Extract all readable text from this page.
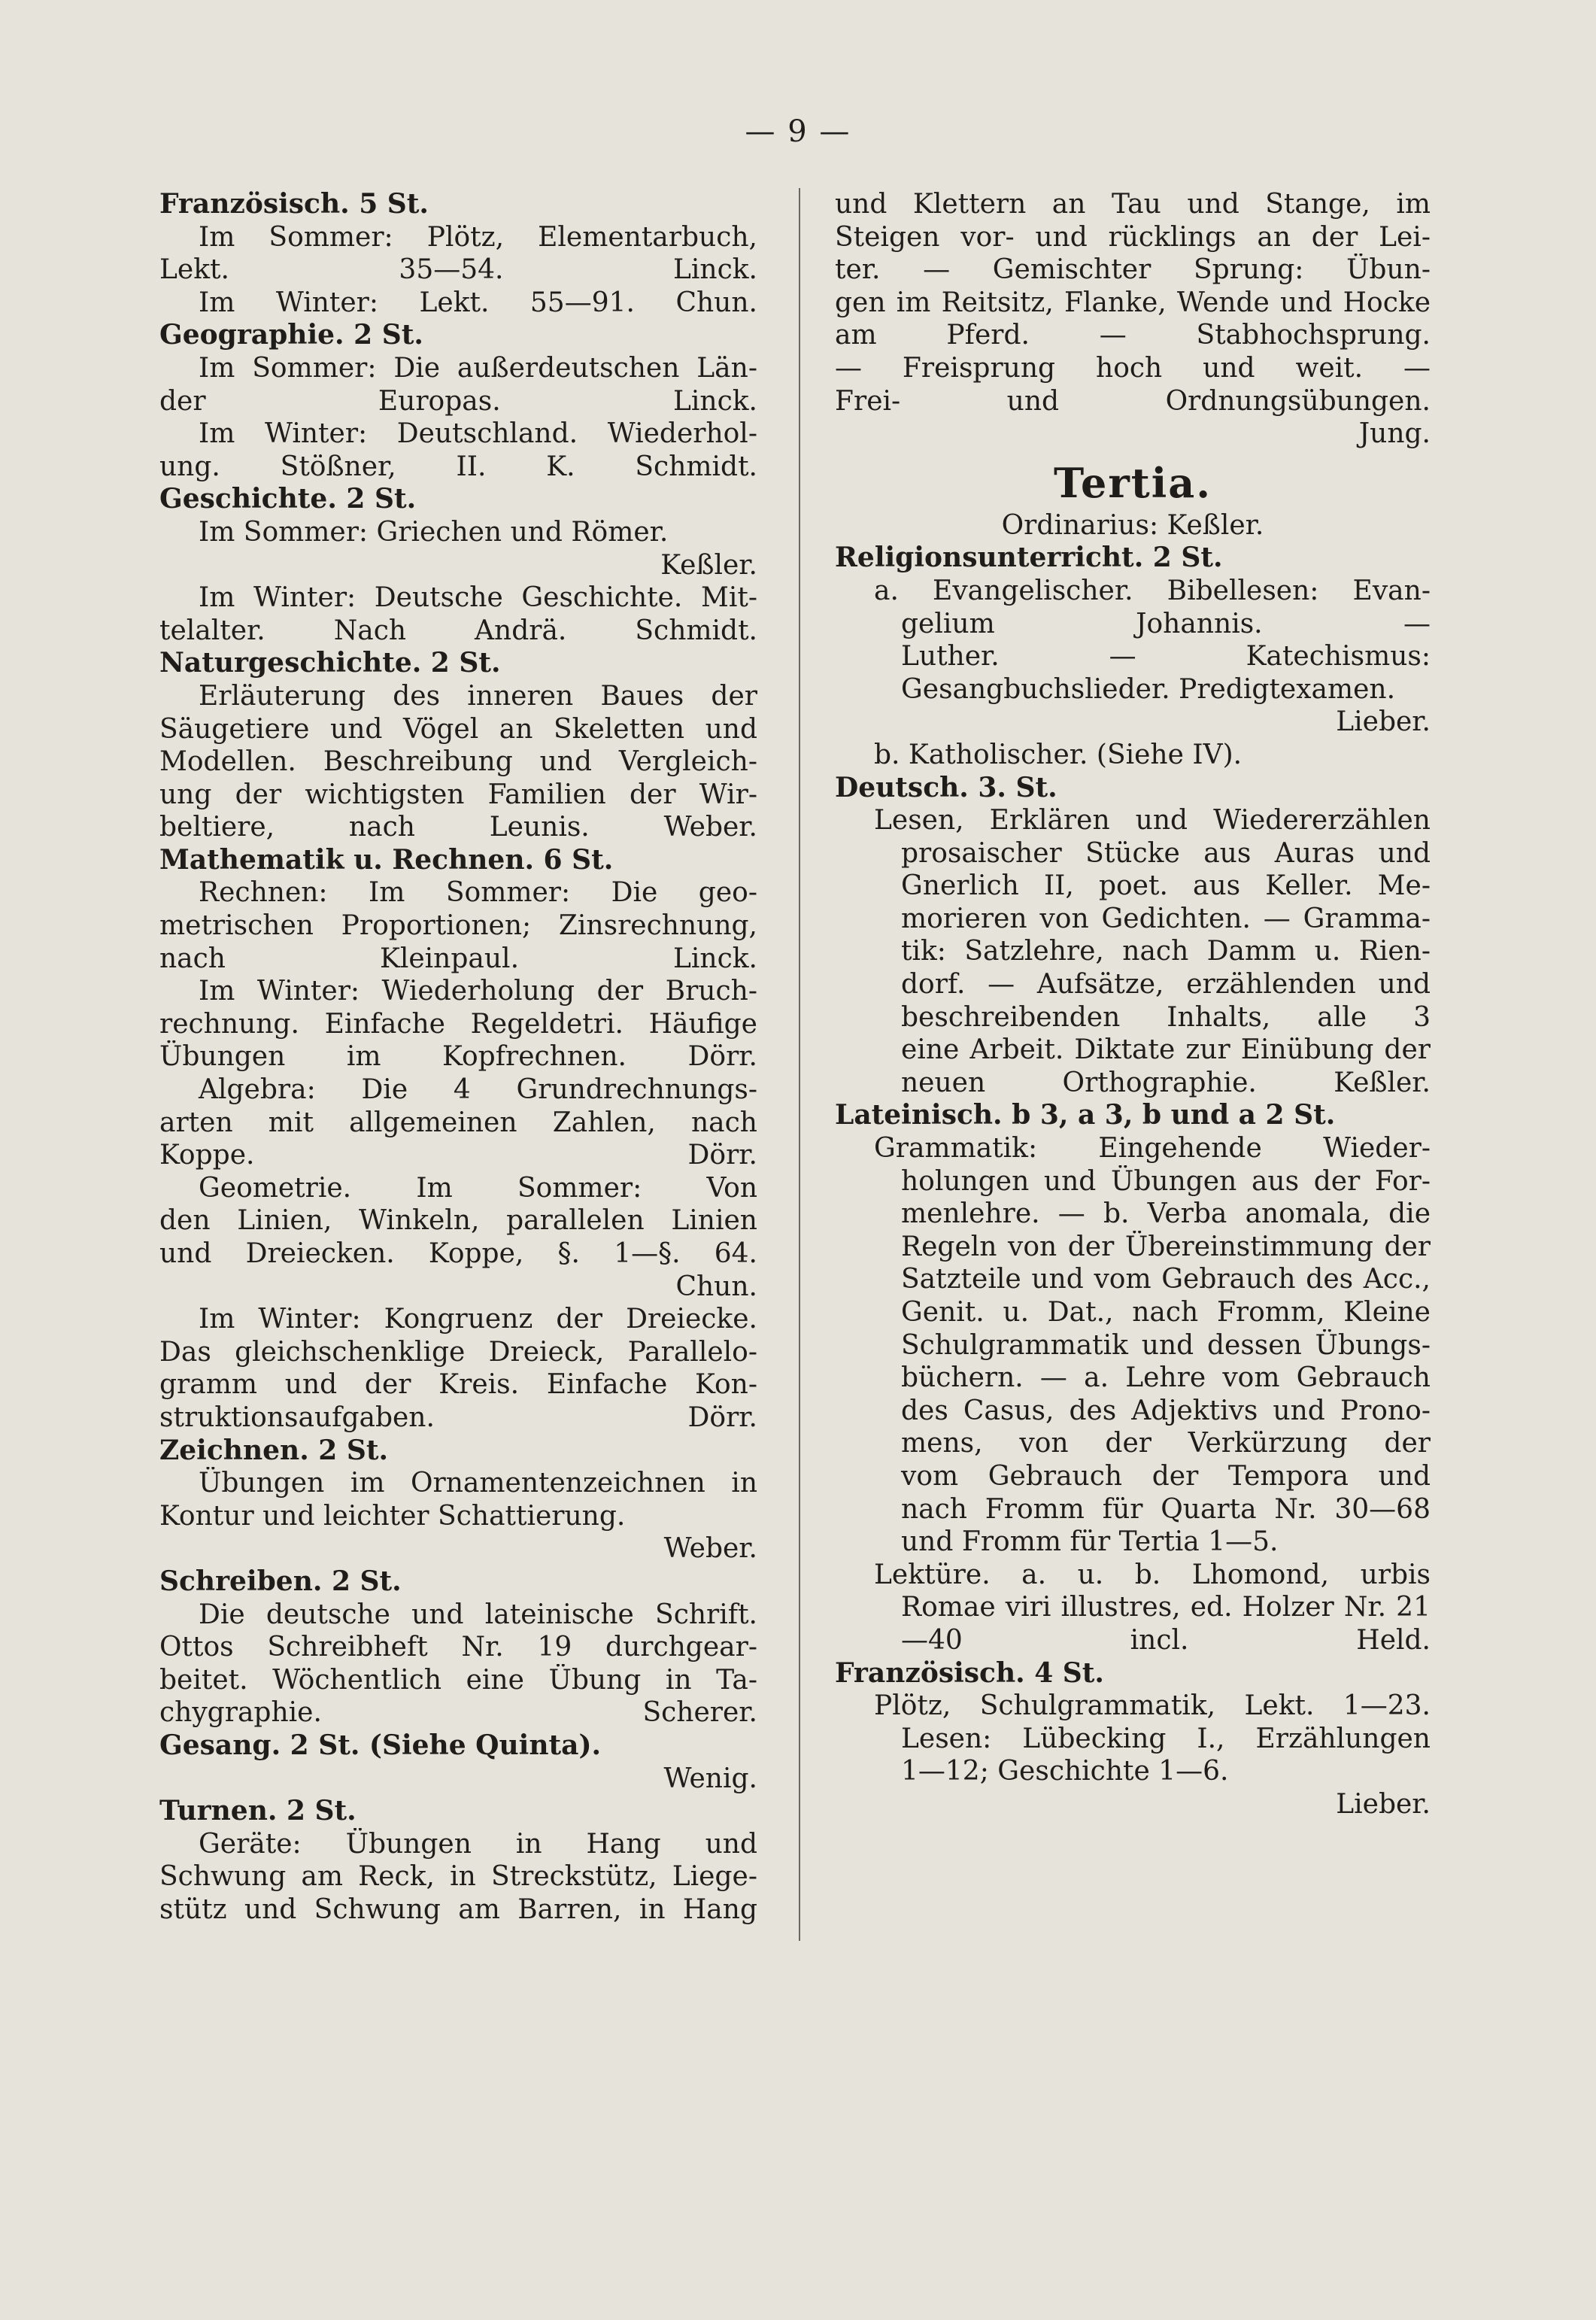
— 9 —
Französisch. 5 St.
Im Sommer: Plötz, Elementarbuch,
Lekt. 35—54. Linck.
Im Winter: Lekt. 55—91. Chun.
Geographie. 2 St.
Im Sommer: Die außerdeutschen Län-
der Europas. Linck.
Im Winter: Deutschland. Wiederhol-
ung. Stößner, II. K. Schmidt.
Geschichte. 2 St.
Im Sommer: Griechen und Römer.
Keßler.
Im Winter: Deutsche Geschichte. Mit-
telalter. Nach Andrä. Schmidt.
Naturgeschichte. 2 St.
Erläuterung des inneren Baues der
Säugetiere und Vögel an Skeletten und
Modellen. Beschreibung und Vergleich-
ung der wichtigsten Familien der Wir-
beltiere, nach Leunis. Weber.
Mathematik u. Rechnen. 6 St.
Rechnen: Im Sommer: Die geo-
metrischen Proportionen; Zinsrechnung,
nach Kleinpaul. Linck.
Im Winter: Wiederholung der Bruch-
rechnung. Einfache Regeldetri. Häufige
Übungen im Kopfrechnen. Dörr.
Algebra: Die 4 Grundrechnungs-
arten mit allgemeinen Zahlen, nach
Koppe. Dörr.
Geometrie. Im Sommer: Von
den Linien, Winkeln, parallelen Linien
und Dreiecken. Koppe, §. 1—§. 64.
Chun.
Im Winter: Kongruenz der Dreiecke.
Das gleichschenklige Dreieck, Parallelo-
gramm und der Kreis. Einfache Kon-
struktionsaufgaben. Dörr.
Zeichnen. 2 St.
Übungen im Ornamentenzeichnen in
Kontur und leichter Schattierung.
Weber.
Schreiben. 2 St.
Die deutsche und lateinische Schrift.
Ottos Schreibheft Nr. 19 durchgear-
beitet. Wöchentlich eine Übung in Ta-
chygraphie. Scherer.
Gesang. 2 St. (Siehe Quinta).
Wenig.
Turnen. 2 St.
Geräte: Übungen in Hang und
Schwung am Reck, in Streckstütz, Liege-
stütz und Schwung am Barren, in Hang
und Klettern an Tau und Stange, im
Steigen vor- und rücklings an der Lei-
ter. — Gemischter Sprung: Übun-
gen im Reitsitz, Flanke, Wende und Hocke
am Pferd. — Stabhochsprung.
— Freisprung hoch und weit. —
Frei- und Ordnungsübungen.
Jung.
Tertia.
Ordinarius: Keßler.
Religionsunterricht. 2 St.
a. Evangelischer. Bibellesen: Evan-
gelium Johannis. —
Luther. — Katechismus:
Gesangbuchslieder. Predigtexamen.
Lieber.
b. Katholischer. (Siehe IV).
Deutsch. 3. St.
Lesen, Erklären und Wiedererzählen
prosaischer Stücke aus Auras und
Gnerlich II, poet. aus Keller. Me-
morieren von Gedichten. — Gramma-
tik: Satzlehre, nach Damm u. Rien-
dorf. — Aufsätze, erzählenden und
beschreibenden Inhalts, alle 3
eine Arbeit. Diktate zur Einübung der
neuen Orthographie. Keßler.
Lateinisch. b 3, a 3, b und a 2 St.
Grammatik: Eingehende Wieder-
holungen und Übungen aus der For-
menlehre. — b. Verba anomala, die
Regeln von der Übereinstimmung der
Satzteile und vom Gebrauch des Acc.,
Genit. u. Dat., nach Fromm, Kleine
Schulgrammatik und dessen Übungs-
büchern. — a. Lehre vom Gebrauch
des Casus, des Adjektivs und Prono-
mens, von der Verkürzung der
vom Gebrauch der Tempora und
nach Fromm für Quarta Nr. 30—68
und Fromm für Tertia 1—5.
Lektüre. a. u. b. Lhomond, urbis
Romae viri illustres, ed. Holzer Nr. 21
—40 incl. Held.
Französisch. 4 St.
Plötz, Schulgrammatik, Lekt. 1—23.
Lesen: Lübecking I., Erzählungen
1—12; Geschichte 1—6.
Lieber.
